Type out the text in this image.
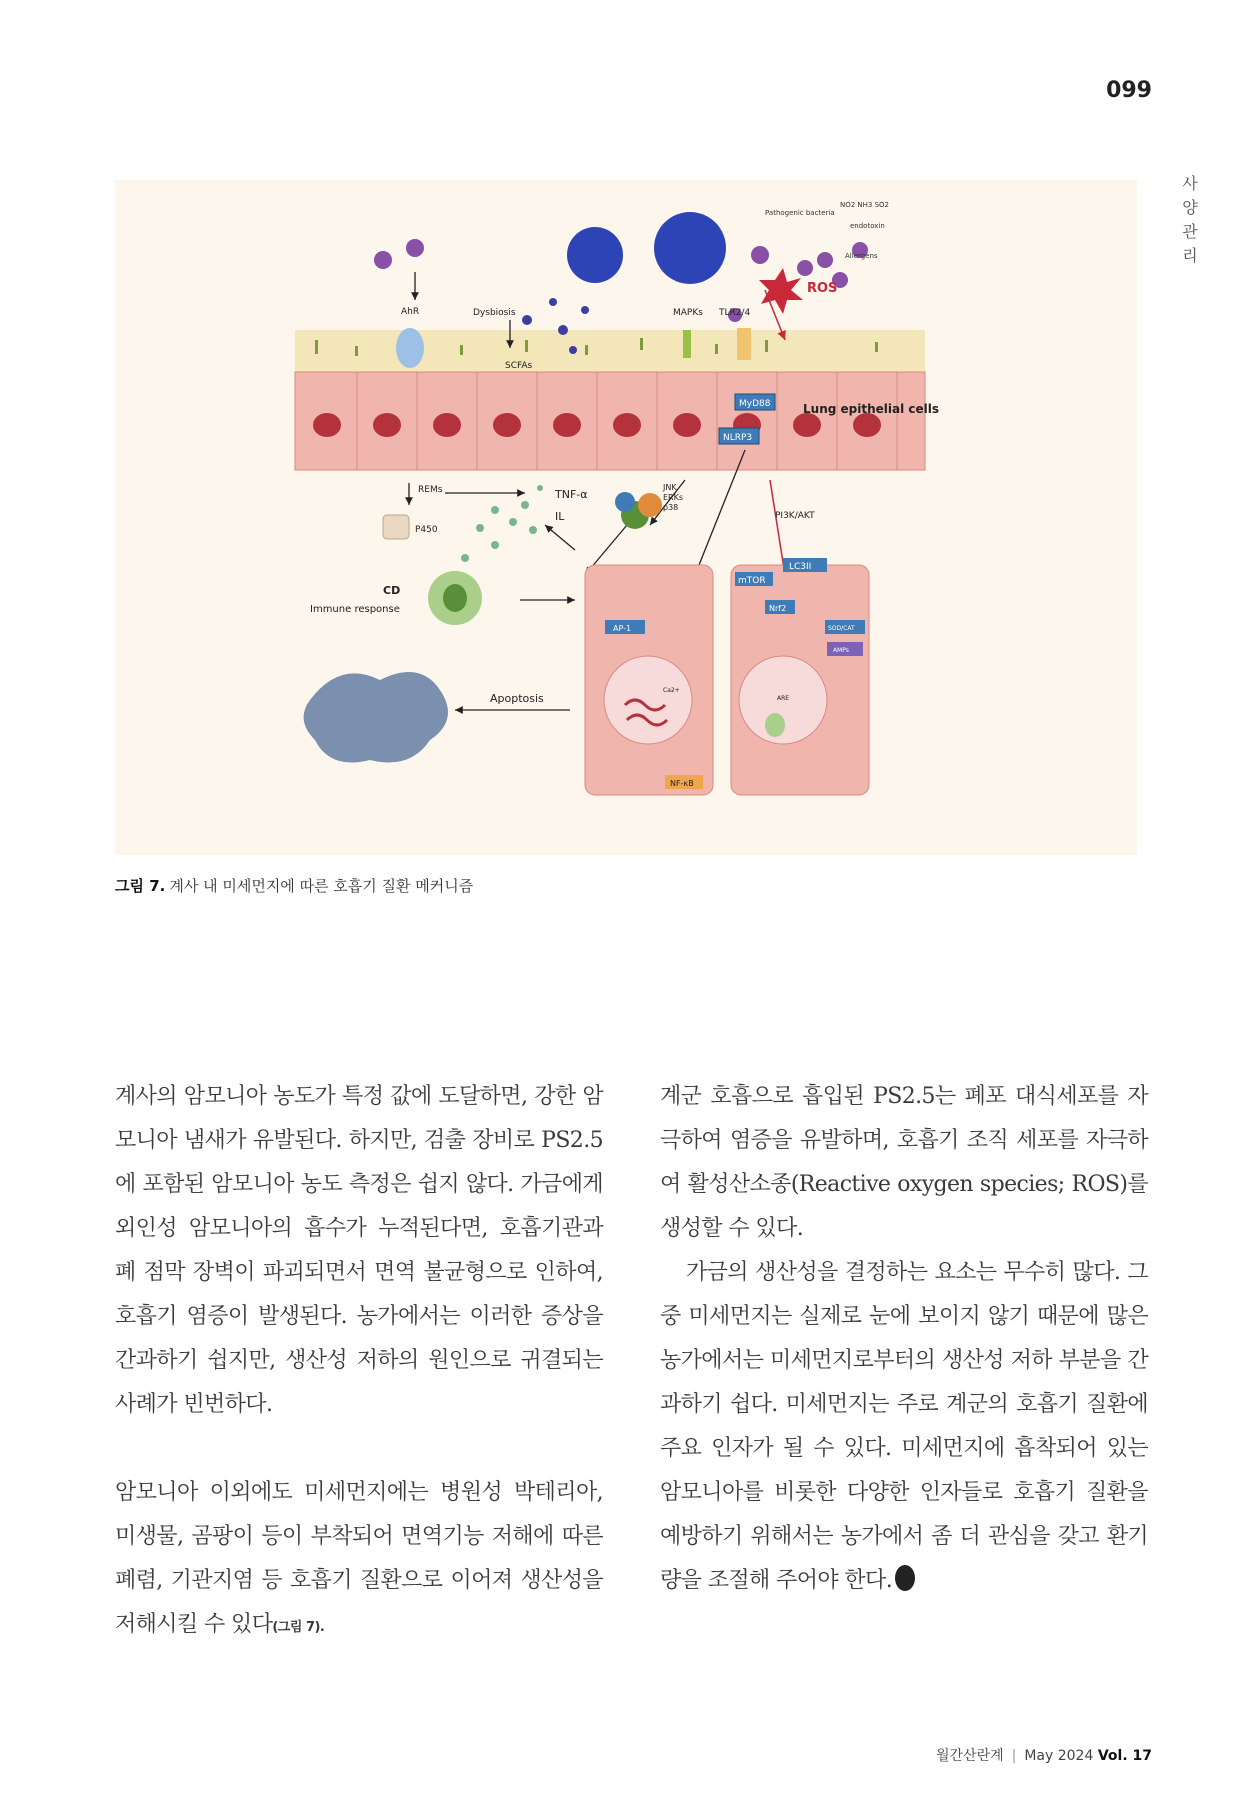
099
사양관리
ROS
Pathogenic bacteria
NO2 NH3 SO2
endotoxin
Allergens
AhR	Dysbiosis
SCFAs
MAPKs TLR2/4
MyD88
NLRP3
Lung epithelial cells
REMs
P450
TNF-α
IL
JNK
ERKs
p38
PI3K/AKT
CD
Immune response
AP-1
Ca2+
NF-κB
mTOR
LC3II
Nrf2
SOD/CAT
AMPs
ARE
Apoptosis
그림 7. 계사 내 미세먼지에 따른 호흡기 질환 메커니즘

계사의 암모니아 농도가 특정 값에 도달하면, 강한 암모니아 냄새가 유발된다. 하지만, 검출 장비로 PS2.5에 포함된 암모니아 농도 측정은 쉽지 않다. 가금에게 외인성 암모니아의 흡수가 누적된다면, 호흡기관과 폐 점막 장벽이 파괴되면서 면역 불균형으로 인하여, 호흡기 염증이 발생된다. 농가에서는 이러한 증상을 간과하기 쉽지만, 생산성 저하의 원인으로 귀결되는 사례가 빈번하다.

암모니아 이외에도 미세먼지에는 병원성 박테리아, 미생물, 곰팡이 등이 부착되어 면역기능 저해에 따른 폐렴, 기관지염 등 호흡기 질환으로 이어져 생산성을 저해시킬 수 있다(그림 7).

계군 호흡으로 흡입된 PS2.5는 폐포 대식세포를 자극하여 염증을 유발하며, 호흡기 조직 세포를 자극하여 활성산소종(Reactive oxygen species; ROS)를 생성할 수 있다.

가금의 생산성을 결정하는 요소는 무수히 많다. 그중 미세먼지는 실제로 눈에 보이지 않기 때문에 많은 농가에서는 미세먼지로부터의 생산성 저하 부분을 간과하기 쉽다. 미세먼지는 주로 계군의 호흡기 질환에 주요 인자가 될 수 있다. 미세먼지에 흡착되어 있는 암모니아를 비롯한 다양한 인자들로 호흡기 질환을 예방하기 위해서는 농가에서 좀 더 관심을 갖고 환기량을 조절해 주어야 한다.

월간산란계 | May 2024 Vol. 17
